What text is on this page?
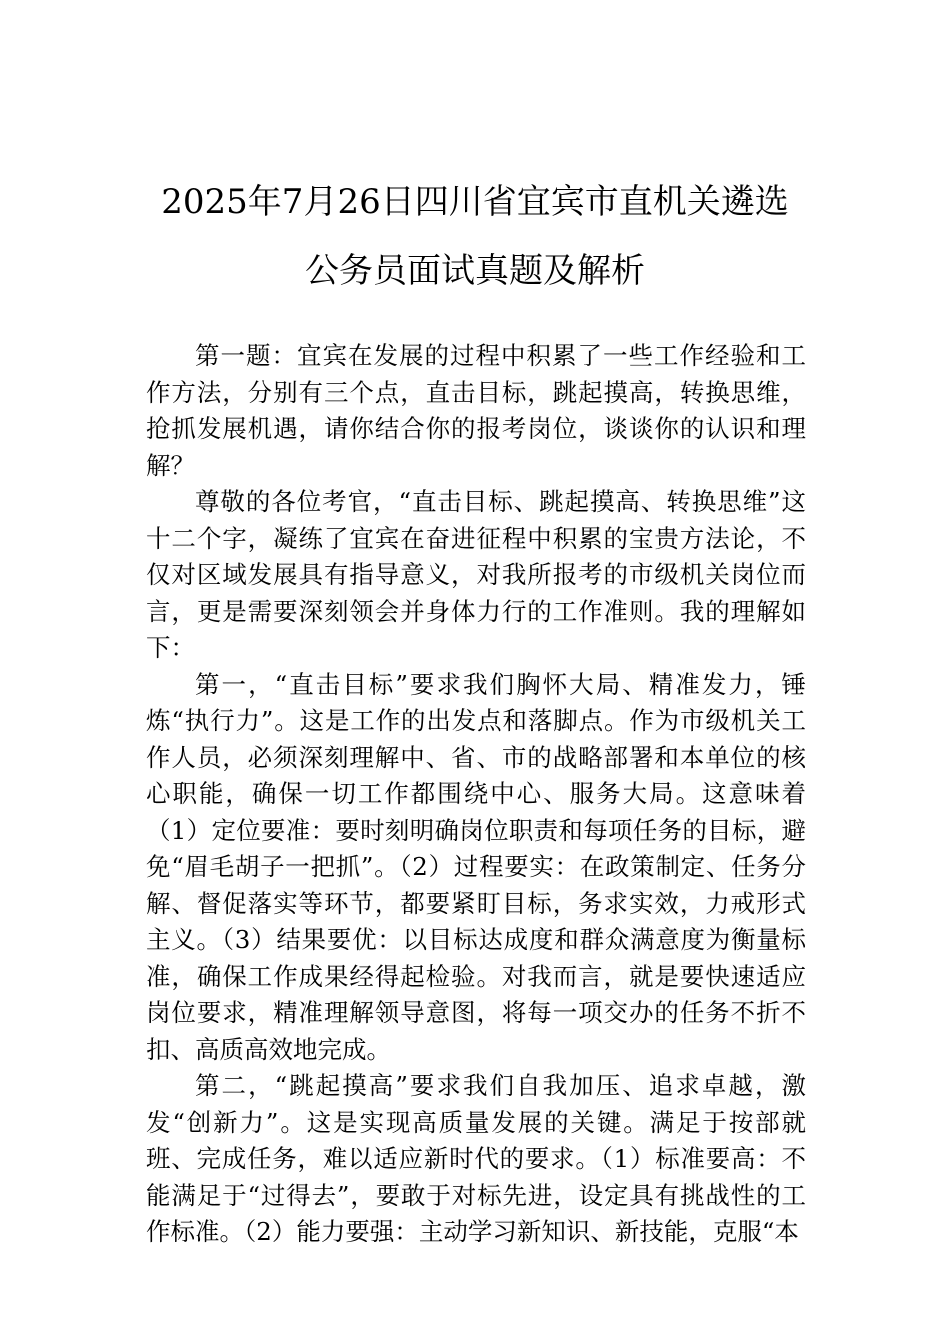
2025年7月26日四川省宜宾市直机关遴选
公务员面试真题及解析

第一题：宜宾在发展的过程中积累了一些工作经验和工作方法，分别有三个点，直击目标，跳起摸高，转换思维，抢抓发展机遇，请你结合你的报考岗位，谈谈你的认识和理解？

尊敬的各位考官，“直击目标、跳起摸高、转换思维”这十二个字，凝练了宜宾在奋进征程中积累的宝贵方法论，不仅对区域发展具有指导意义，对我所报考的市级机关岗位而言，更是需要深刻领会并身体力行的工作准则。我的理解如下：

第一，“直击目标”要求我们胸怀大局、精准发力，锤炼“执行力”。这是工作的出发点和落脚点。作为市级机关工作人员，必须深刻理解中、省、市的战略部署和本单位的核心职能，确保一切工作都围绕中心、服务大局。这意味着（1）定位要准：要时刻明确岗位职责和每项任务的目标，避免“眉毛胡子一把抓”。（2）过程要实：在政策制定、任务分解、督促落实等环节，都要紧盯目标，务求实效，力戒形式主义。（3）结果要优：以目标达成度和群众满意度为衡量标准，确保工作成果经得起检验。对我而言，就是要快速适应岗位要求，精准理解领导意图，将每一项交办的任务不折不扣、高质高效地完成。

第二，“跳起摸高”要求我们自我加压、追求卓越，激发“创新力”。这是实现高质量发展的关键。满足于按部就班、完成任务，难以适应新时代的要求。（1）标准要高：不能满足于“过得去”，要敢于对标先进，设定具有挑战性的工作标准。（2）能力要强：主动学习新知识、新技能，克服“本
